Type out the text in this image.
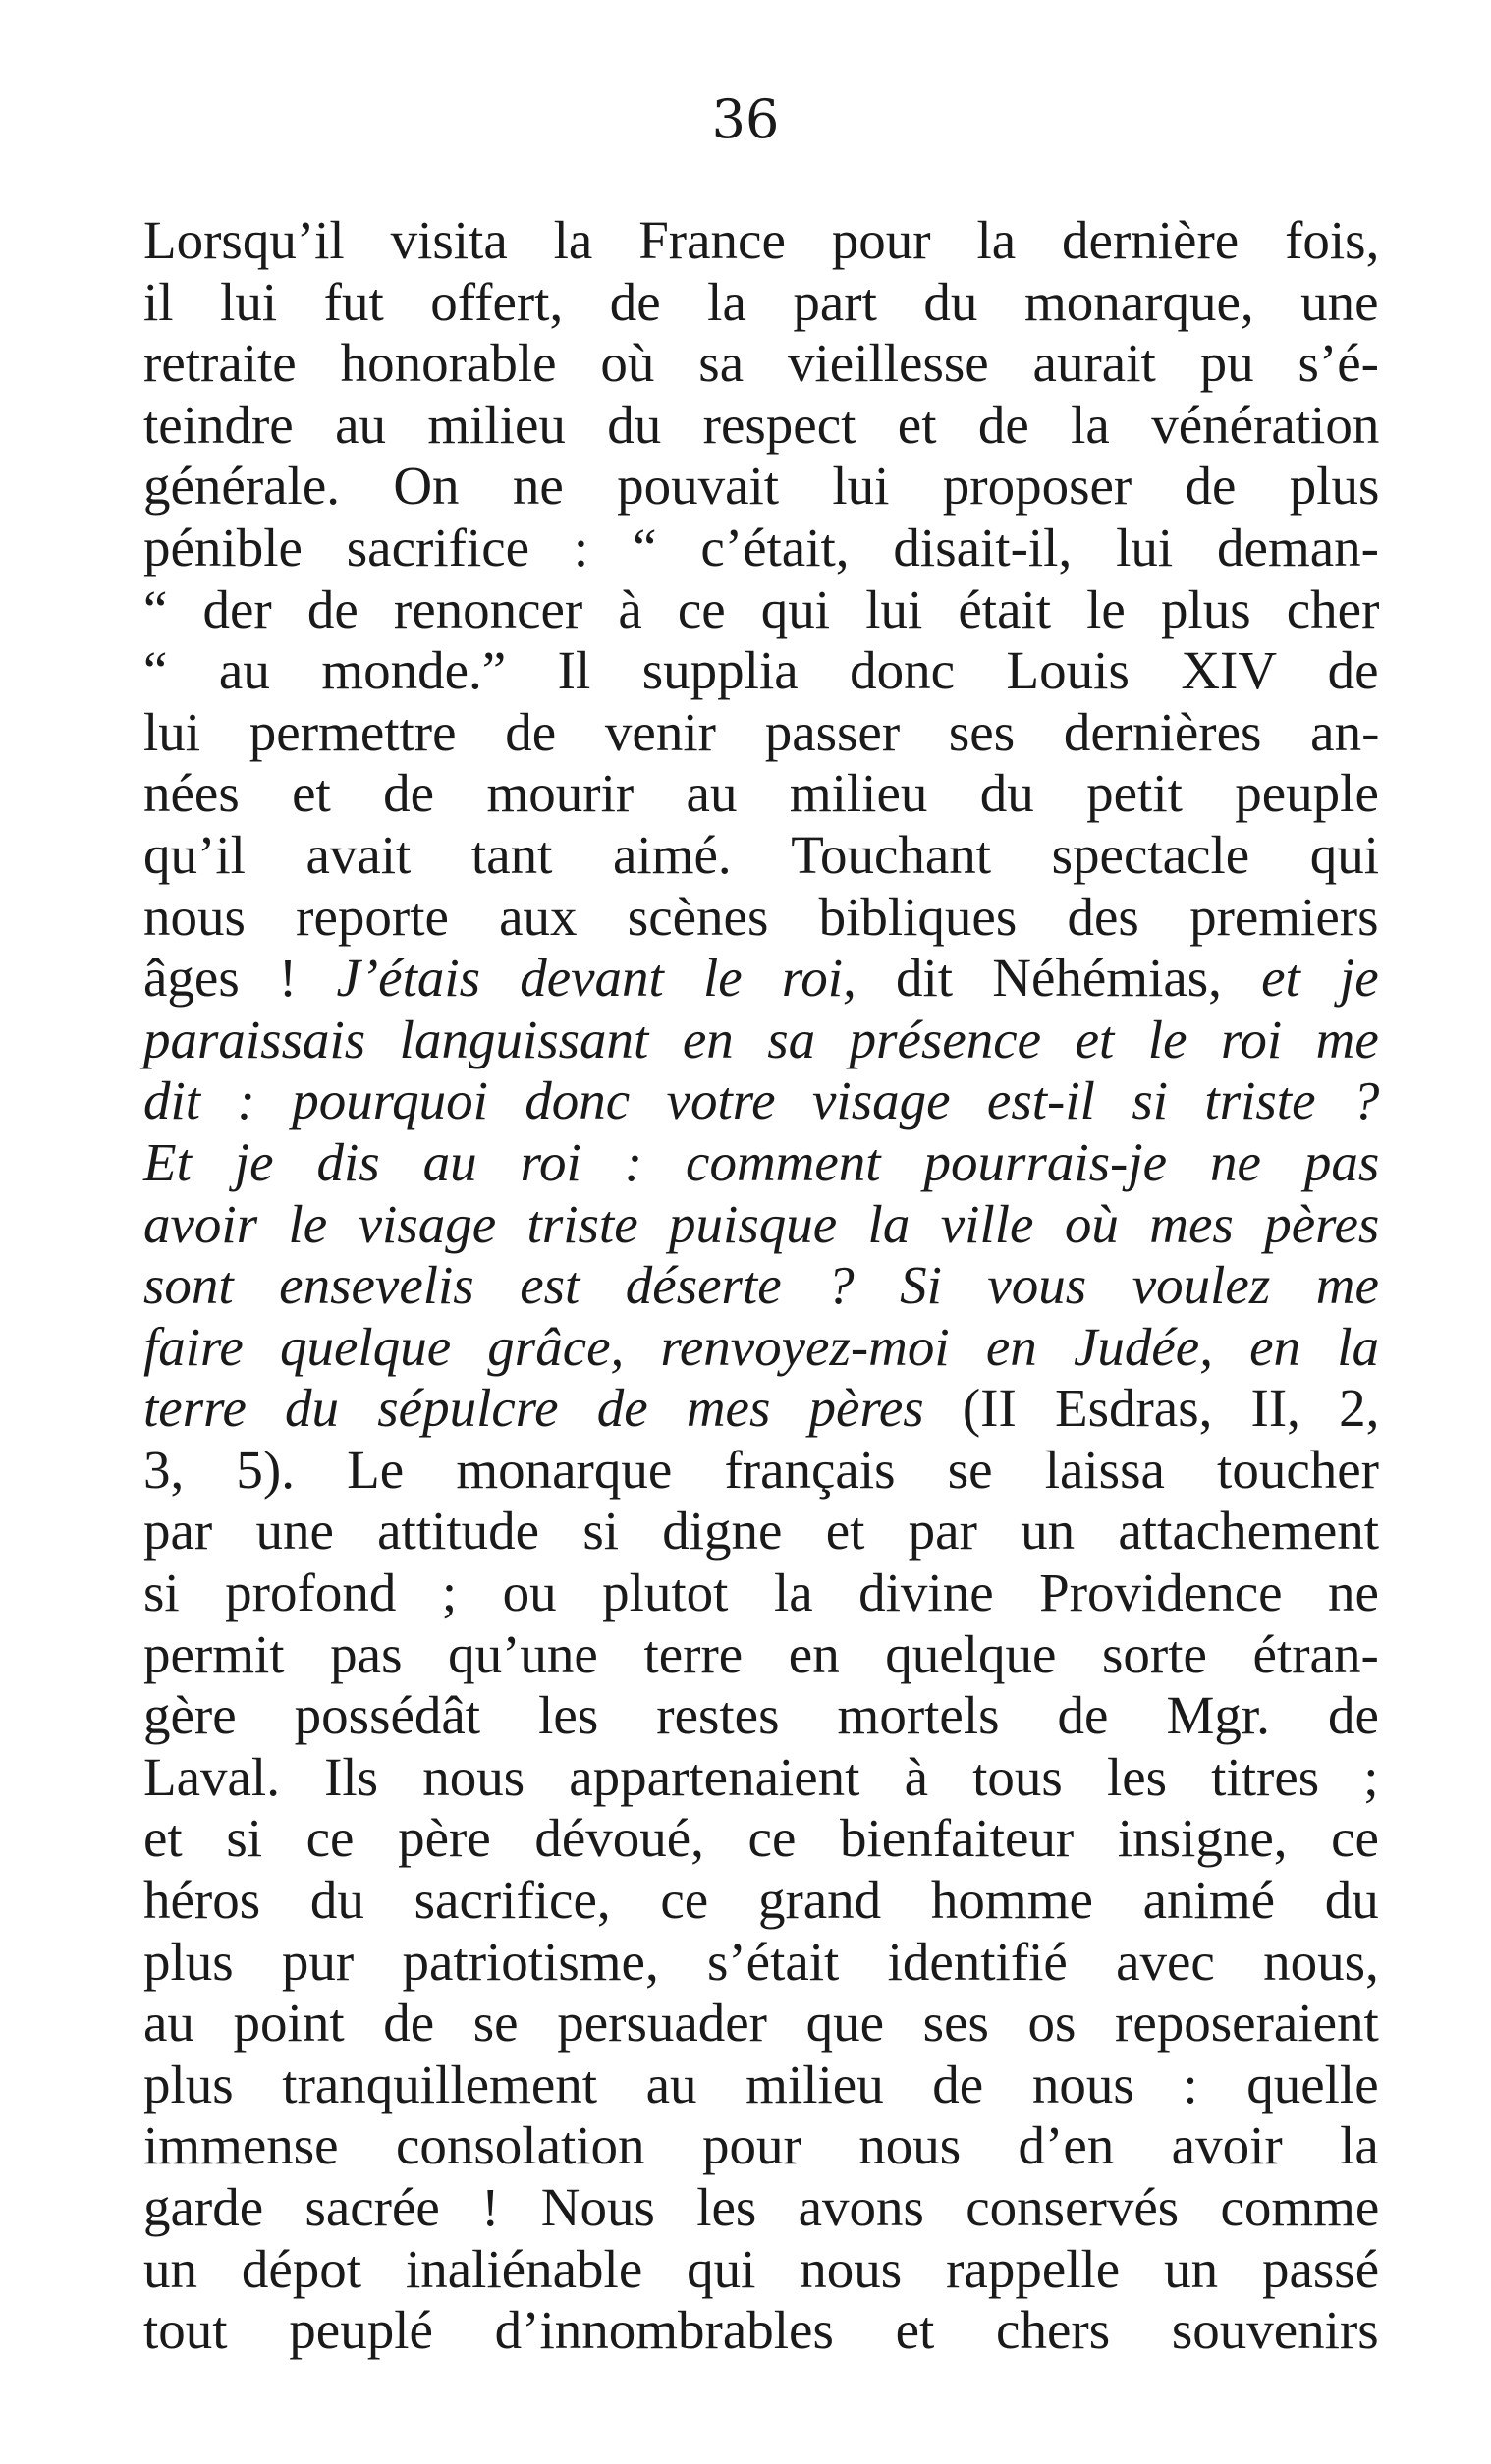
36
Lorsqu’il visita la France pour la dernière fois,
il lui fut offert, de la part du monarque, une
retraite honorable où sa vieillesse aurait pu s’é-
teindre au milieu du respect et de la vénération
générale. On ne pouvait lui proposer de plus
pénible sacrifice : “ c’était, disait-il, lui deman-
“ der de renoncer à ce qui lui était le plus cher
“ au monde.” Il supplia donc Louis XIV de
lui permettre de venir passer ses dernières an-
nées et de mourir au milieu du petit peuple
qu’il avait tant aimé. Touchant spectacle qui
nous reporte aux scènes bibliques des premiers
âges ! J’étais devant le roi, dit Néhémias, et je
paraissais languissant en sa présence et le roi me
dit : pourquoi donc votre visage est-il si triste ?
Et je dis au roi : comment pourrais-je ne pas
avoir le visage triste puisque la ville où mes pères
sont ensevelis est déserte ? Si vous voulez me
faire quelque grâce, renvoyez-moi en Judée, en la
terre du sépulcre de mes pères (II Esdras, II, 2,
3, 5). Le monarque français se laissa toucher
par une attitude si digne et par un attachement
si profond ; ou plutot la divine Providence ne
permit pas qu’une terre en quelque sorte étran-
gère possédât les restes mortels de Mgr. de
Laval. Ils nous appartenaient à tous les titres ;
et si ce père dévoué, ce bienfaiteur insigne, ce
héros du sacrifice, ce grand homme animé du
plus pur patriotisme, s’était identifié avec nous,
au point de se persuader que ses os reposeraient
plus tranquillement au milieu de nous : quelle
immense consolation pour nous d’en avoir la
garde sacrée ! Nous les avons conservés comme
un dépot inaliénable qui nous rappelle un passé
tout peuplé d’innombrables et chers souvenirs
